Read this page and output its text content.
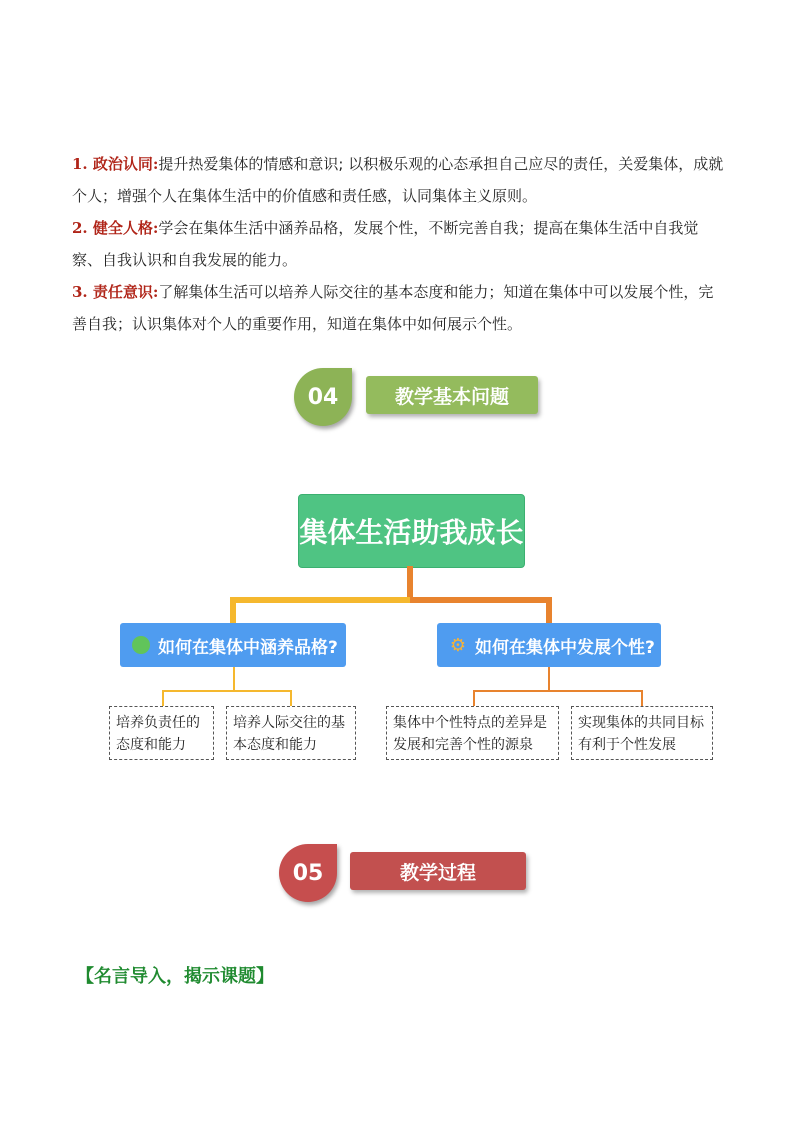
1. 政治认同:提升热爱集体的情感和意识; 以积极乐观的心态承担自己应尽的责任，关爱集体，成就个人；增强个人在集体生活中的价值感和责任感，认同集体主义原则。

2. 健全人格:学会在集体生活中涵养品格，发展个性，不断完善自我；提高在集体生活中自我觉察、自我认识和自我发展的能力。

3. 责任意识:了解集体生活可以培养人际交往的基本态度和能力；知道在集体中可以发展个性，完善自我；认识集体对个人的重要作用，知道在集体中如何展示个性。

04	教学基本问题
集体生活助我成长
如何在集体中涵养品格?	⚙ 如何在集体中发展个性?
培养负责任的态度和能力
培养人际交往的基本态度和能力
集体中个性特点的差异是发展和完善个性的源泉
实现集体的共同目标有利于个性发展
05	教学过程
【名言导入，揭示课题】
